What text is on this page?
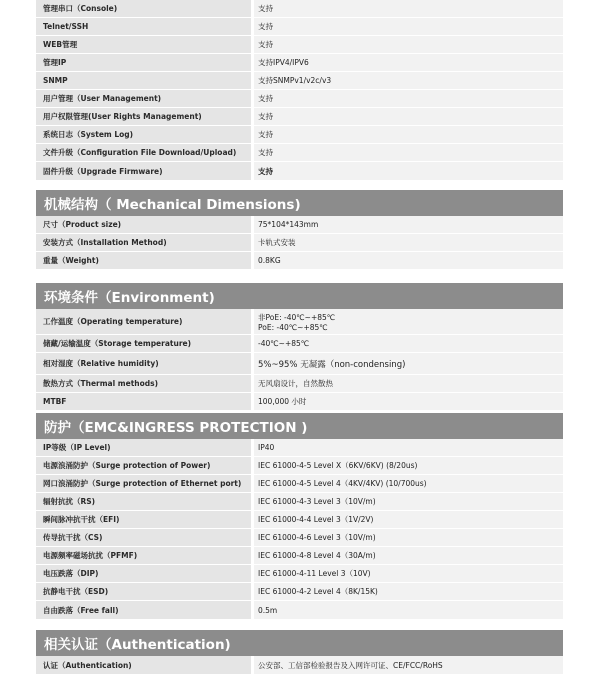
管理串口（Console)	支持
Telnet/SSH	支持
WEB管理	支持
管理IP	支持IPV4/IPV6
SNMP	支持SNMPv1/v2c/v3
用户管理（User Management)	支持
用户权限管理(User Rights Management)	支持
系统日志（System Log)	支持
文件升级（Configuration File Download/Upload)	支持
固件升级（Upgrade Firmware)	支持
机械结构（ Mechanical Dimensions)
尺寸（Product size)	75*104*143mm
安装方式（Installation Method)	卡轨式安装
重量（Weight)	0.8KG
环境条件（Environment)
工作温度（Operating temperature)	非PoE: -40℃~+85℃
PoE: -40℃~+85℃
储藏/运输温度（Storage temperature)	-40℃~+85℃
相对湿度（Relative humidity)	5%~95% 无凝露（non-condensing)
散热方式（Thermal methods)	无风扇设计，自然散热
MTBF	100,000 小时
防护（EMC&INGRESS PROTECTION )
IP等级（IP Level)	IP40
电源浪涌防护（Surge protection of Power)	IEC 61000-4-5 Level X（6KV/6KV) (8/20us)
网口浪涌防护（Surge protection of Ethernet port)	IEC 61000-4-5 Level 4（4KV/4KV) (10/700us)
辐射抗扰（RS)	IEC 61000-4-3 Level 3（10V/m)
瞬间脉冲抗干扰（EFI)	IEC 61000-4-4 Level 3（1V/2V)
传导抗干扰（CS)	IEC 61000-4-6 Level 3（10V/m)
电源频率磁场抗扰（PFMF)	IEC 61000-4-8 Level 4（30A/m)
电压跌落（DIP)	IEC 61000-4-11 Level 3（10V)
抗静电干扰（ESD)	IEC 61000-4-2 Level 4（8K/15K)
自由跌落（Free fall)	0.5m
相关认证（Authentication)
认证（Authentication)	公安部、工信部检验报告及入网许可证、CE/FCC/RoHS
